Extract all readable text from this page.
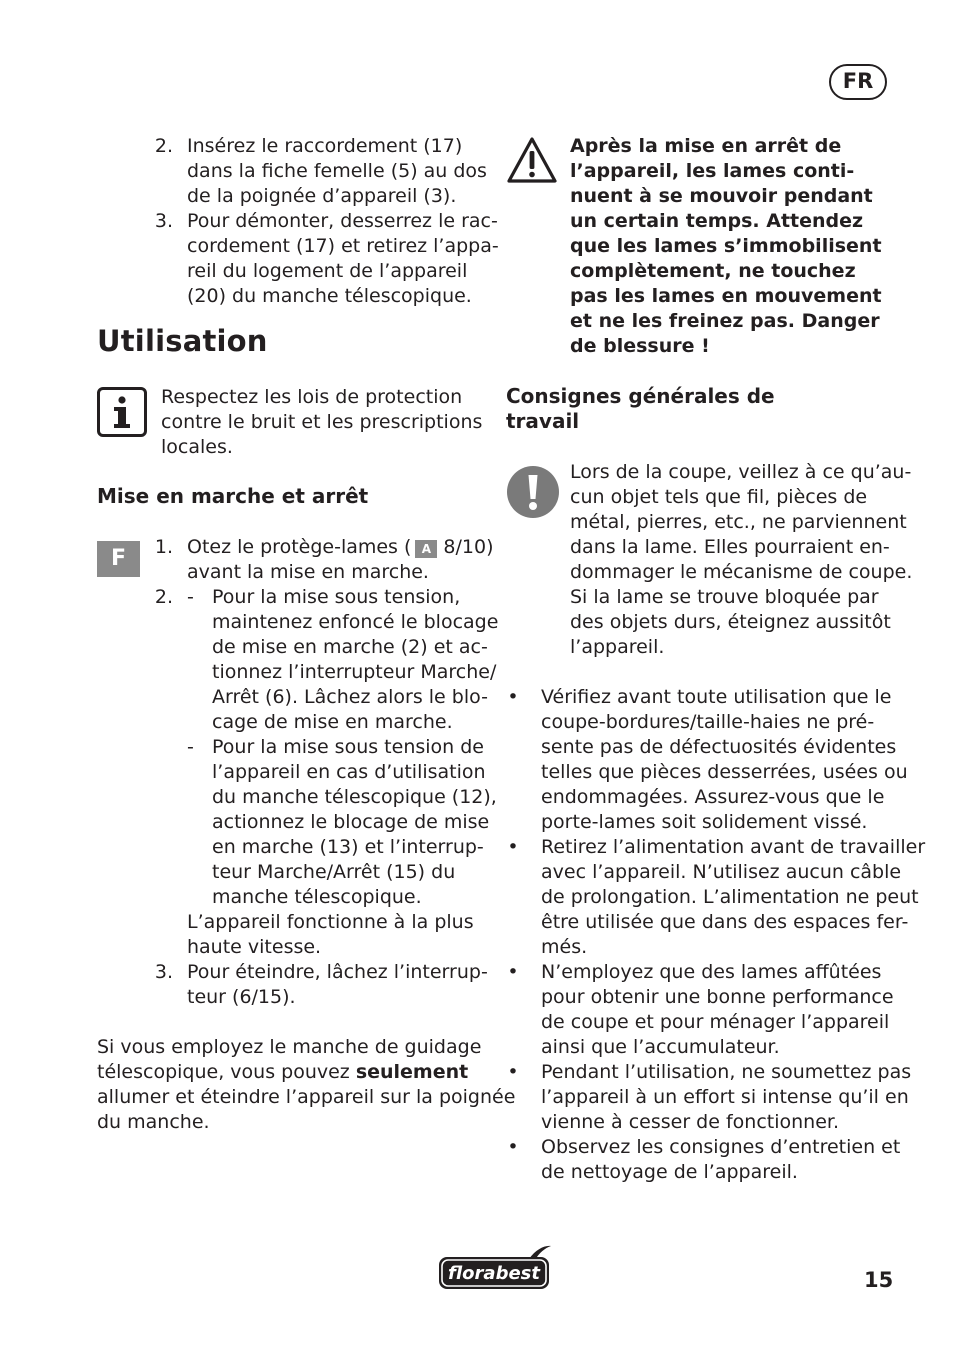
FR
2. Insérez le raccordement (17)
dans la fiche femelle (5) au dos
de la poignée d’appareil (3).
3. Pour démonter, desserrez le rac-
cordement (17) et retirez l’appa-
reil du logement de l’appareil
(20) du manche télescopique.
Utilisation
Respectez les lois de protection
contre le bruit et les prescriptions
locales.
Mise en marche et arrêt
F	1. Otez le protège-lames ( A 8/10)
avant la mise en marche.
2. - Pour la mise sous tension,
maintenez enfoncé le blocage
de mise en marche (2) et ac-
tionnez l’interrupteur Marche/
Arrêt (6). Lâchez alors le blo-
cage de mise en marche.
- Pour la mise sous tension de
l’appareil en cas d’utilisation
du manche télescopique (12),
actionnez le blocage de mise
en marche (13) et l’interrup-
teur Marche/Arrêt (15) du
manche télescopique.
L’appareil fonctionne à la plus
haute vitesse.
3. Pour éteindre, lâchez l’interrup-
teur (6/15).
Si vous employez le manche de guidage
télescopique, vous pouvez seulement
allumer et éteindre l’appareil sur la poignée
du manche.
Après la mise en arrêt de
l’appareil, les lames conti-
nuent à se mouvoir pendant
un certain temps. Attendez
que les lames s’immobilisent
complètement, ne touchez
pas les lames en mouvement
et ne les freinez pas. Danger
de blessure !
Consignes générales de
travail
Lors de la coupe, veillez à ce qu’au-
cun objet tels que fil, pièces de
métal, pierres, etc., ne parviennent
dans la lame. Elles pourraient en-
dommager le mécanisme de coupe.
Si la lame se trouve bloquée par
des objets durs, éteignez aussitôt
l’appareil.
• Vérifiez avant toute utilisation que le
coupe-bordures/taille-haies ne pré-
sente pas de défectuosités évidentes
telles que pièces desserrées, usées ou
endommagées. Assurez-vous que le
porte-lames soit solidement vissé.
• Retirez l’alimentation avant de travailler
avec l’appareil. N’utilisez aucun câble
de prolongation. L’alimentation ne peut
être utilisée que dans des espaces fer-
més.
• N’employez que des lames affûtées
pour obtenir une bonne performance
de coupe et pour ménager l’appareil
ainsi que l’accumulateur.
• Pendant l’utilisation, ne soumettez pas
l’appareil à un effort si intense qu’il en
vienne à cesser de fonctionner.
• Observez les consignes d’entretien et
de nettoyage de l’appareil.
florabest	15
